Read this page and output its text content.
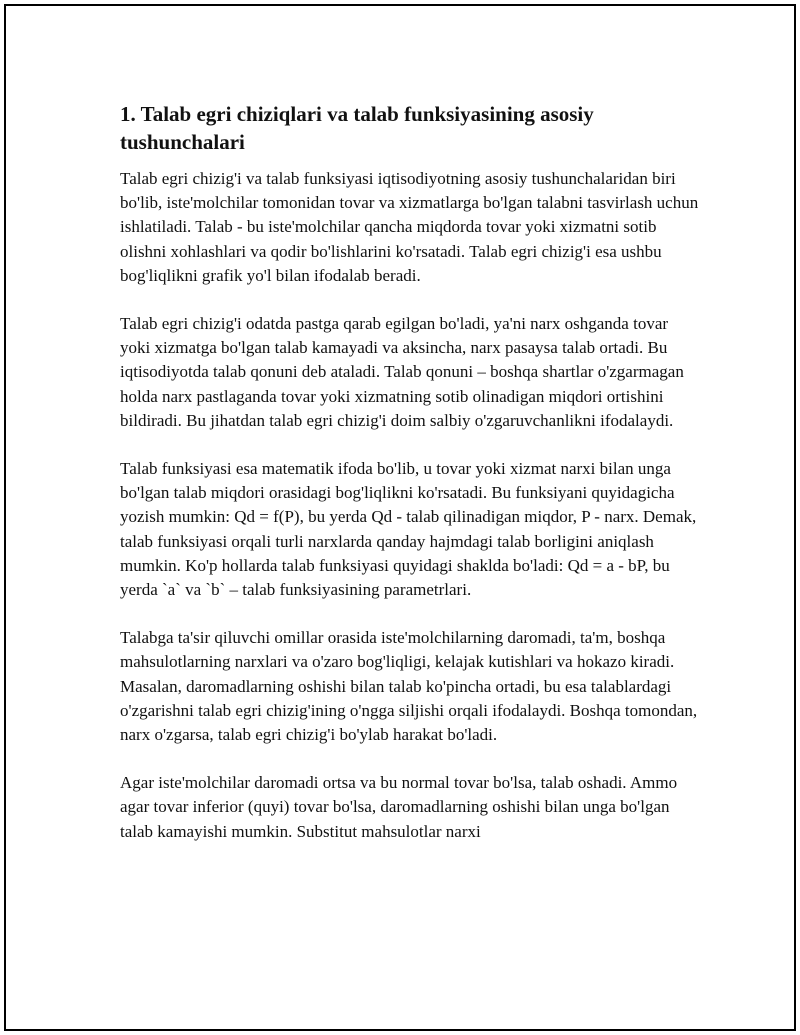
1. Talab egri chiziqlari va talab funksiyasining asosiy tushunchalari

Talab egri chizig'i va talab funksiyasi iqtisodiyotning asosiy tushunchalaridan biri bo'lib, iste'molchilar tomonidan tovar va xizmatlarga bo'lgan talabni tasvirlash uchun ishlatiladi. Talab - bu iste'molchilar qancha miqdorda tovar yoki xizmatni sotib olishni xohlashlari va qodir bo'lishlarini ko'rsatadi. Talab egri chizig'i esa ushbu bog'liqlikni grafik yo'l bilan ifodalab beradi.

Talab egri chizig'i odatda pastga qarab egilgan bo'ladi, ya'ni narx oshganda tovar yoki xizmatga bo'lgan talab kamayadi va aksincha, narx pasaysa talab ortadi. Bu iqtisodiyotda talab qonuni deb ataladi. Talab qonuni – boshqa shartlar o'zgarmagan holda narx pastlaganda tovar yoki xizmatning sotib olinadigan miqdori ortishini bildiradi. Bu jihatdan talab egri chizig'i doim salbiy o'zgaruvchanlikni ifodalaydi.

Talab funksiyasi esa matematik ifoda bo'lib, u tovar yoki xizmat narxi bilan unga bo'lgan talab miqdori orasidagi bog'liqlikni ko'rsatadi. Bu funksiyani quyidagicha yozish mumkin: Qd = f(P), bu yerda Qd - talab qilinadigan miqdor, P - narx. Demak, talab funksiyasi orqali turli narxlarda qanday hajmdagi talab borligini aniqlash mumkin. Ko'p hollarda talab funksiyasi quyidagi shaklda bo'ladi: Qd = a - bP, bu yerda `a` va `b` – talab funksiyasining parametrlari.

Talabga ta'sir qiluvchi omillar orasida iste'molchilarning daromadi, ta'm, boshqa mahsulotlarning narxlari va o'zaro bog'liqligi, kelajak kutishlari va hokazo kiradi. Masalan, daromadlarning oshishi bilan talab ko'pincha ortadi, bu esa talablardagi o'zgarishni talab egri chizig'ining o'ngga siljishi orqali ifodalaydi. Boshqa tomondan, narx o'zgarsa, talab egri chizig'i bo'ylab harakat bo'ladi.

Agar iste'molchilar daromadi ortsa va bu normal tovar bo'lsa, talab oshadi. Ammo agar tovar inferior (quyi) tovar bo'lsa, daromadlarning oshishi bilan unga bo'lgan talab kamayishi mumkin. Substitut mahsulotlar narxi
